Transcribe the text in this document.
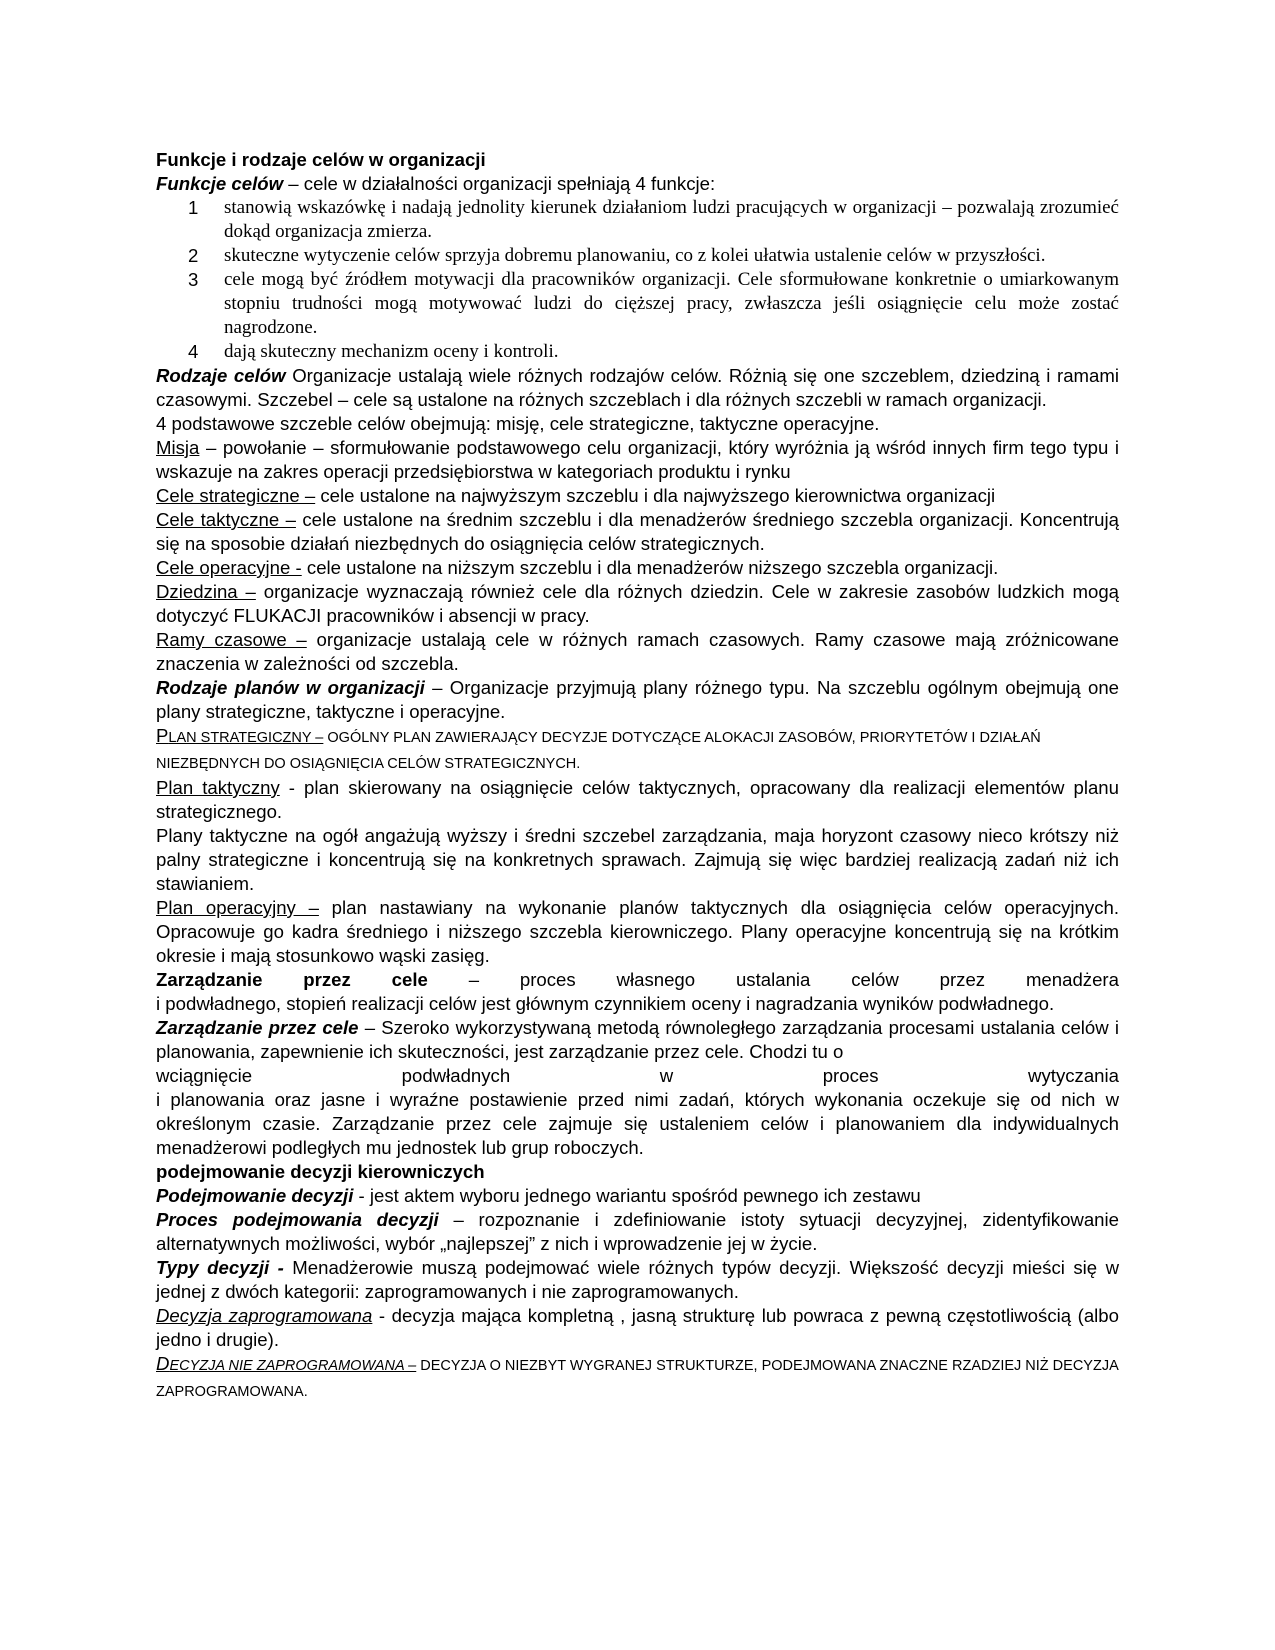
Funkcje i rodzaje celów w organizacji

Funkcje celów – cele w działalności organizacji spełniają 4 funkcje:

1 stanowią wskazówkę i nadają jednolity kierunek działaniom ludzi pracujących w organizacji – pozwalają zrozumieć dokąd organizacja zmierza.
2 skuteczne wytyczenie celów sprzyja dobremu planowaniu, co z kolei ułatwia ustalenie celów w przyszłości.
3 cele mogą być źródłem motywacji dla pracowników organizacji. Cele sformułowane konkretnie o umiarkowanym stopniu trudności mogą motywować ludzi do cięższej pracy, zwłaszcza jeśli osiągnięcie celu może zostać nagrodzone.
4 dają skuteczny mechanizm oceny i kontroli.

Rodzaje celów Organizacje ustalają wiele różnych rodzajów celów. Różnią się one szczeblem, dziedziną i ramami czasowymi. Szczebel – cele są ustalone na różnych szczeblach i dla różnych szczebli w ramach organizacji.

4 podstawowe szczeble celów obejmują: misję, cele strategiczne, taktyczne operacyjne.

Misja – powołanie – sformułowanie podstawowego celu organizacji, który wyróżnia ją wśród innych firm tego typu i wskazuje na zakres operacji przedsiębiorstwa w kategoriach produktu i rynku

Cele strategiczne – cele ustalone na najwyższym szczeblu i dla najwyższego kierownictwa organizacji

Cele taktyczne – cele ustalone na średnim szczeblu i dla menadżerów średniego szczebla organizacji. Koncentrują się na sposobie działań niezbędnych do osiągnięcia celów strategicznych.

Cele operacyjne - cele ustalone na niższym szczeblu i dla menadżerów niższego szczebla organizacji.

Dziedzina – organizacje wyznaczają również cele dla różnych dziedzin. Cele w zakresie zasobów ludzkich mogą dotyczyć FLUKACJI pracowników i absencji w pracy.

Ramy czasowe – organizacje ustalają cele w różnych ramach czasowych. Ramy czasowe mają zróżnicowane znaczenia w zależności od szczebla.

Rodzaje planów w organizacji – Organizacje przyjmują plany różnego typu. Na szczeblu ogólnym obejmują one plany strategiczne, taktyczne i operacyjne.

PLAN STRATEGICZNY – OGÓLNY PLAN ZAWIERAJĄCY DECYZJE DOTYCZĄCE ALOKACJI ZASOBÓW, PRIORYTETÓW I DZIAŁAŃ NIEZBĘDNYCH DO OSIĄGNIĘCIA CELÓW STRATEGICZNYCH.

Plan taktyczny - plan skierowany na osiągnięcie celów taktycznych, opracowany dla realizacji elementów planu strategicznego.

Plany taktyczne na ogół angażują wyższy i średni szczebel zarządzania, maja horyzont czasowy nieco krótszy niż palny strategiczne i koncentrują się na konkretnych sprawach. Zajmują się więc bardziej realizacją zadań niż ich stawianiem.

Plan operacyjny – plan nastawiany na wykonanie planów taktycznych dla osiągnięcia celów operacyjnych. Opracowuje go kadra średniego i niższego szczebla kierowniczego. Plany operacyjne koncentrują się na krótkim okresie i mają stosunkowo wąski zasięg.

Zarządzanie przez cele – proces własnego ustalania celów przez menadżera

i podwładnego, stopień realizacji celów jest głównym czynnikiem oceny i nagradzania wyników podwładnego.

Zarządzanie przez cele – Szeroko wykorzystywaną metodą równoległego zarządzania procesami ustalania celów i planowania, zapewnienie ich skuteczności, jest zarządzanie przez cele. Chodzi tu o

wciągnięcie	podwładnych	w	proces	wytyczania

i planowania oraz jasne i wyraźne postawienie przed nimi zadań, których wykonania oczekuje się od nich w określonym czasie. Zarządzanie przez cele zajmuje się ustaleniem celów i planowaniem dla indywidualnych menadżerowi podległych mu jednostek lub grup roboczych.

podejmowanie decyzji kierowniczych

Podejmowanie decyzji - jest aktem wyboru jednego wariantu spośród pewnego ich zestawu

Proces podejmowania decyzji – rozpoznanie i zdefiniowanie istoty sytuacji decyzyjnej, zidentyfikowanie alternatywnych możliwości, wybór „najlepszej” z nich i wprowadzenie jej w życie.

Typy decyzji - Menadżerowie muszą podejmować wiele różnych typów decyzji. Większość decyzji mieści się w jednej z dwóch kategorii: zaprogramowanych i nie zaprogramowanych.

Decyzja zaprogramowana - decyzja mająca kompletną , jasną strukturę lub powraca z pewną częstotliwością (albo jedno i drugie).

DECYZJA NIE ZAPROGRAMOWANA – DECYZJA O NIEZBYT WYGRANEJ STRUKTURZE, PODEJMOWANA ZNACZNE RZADZIEJ NIŻ DECYZJA ZAPROGRAMOWANA.
